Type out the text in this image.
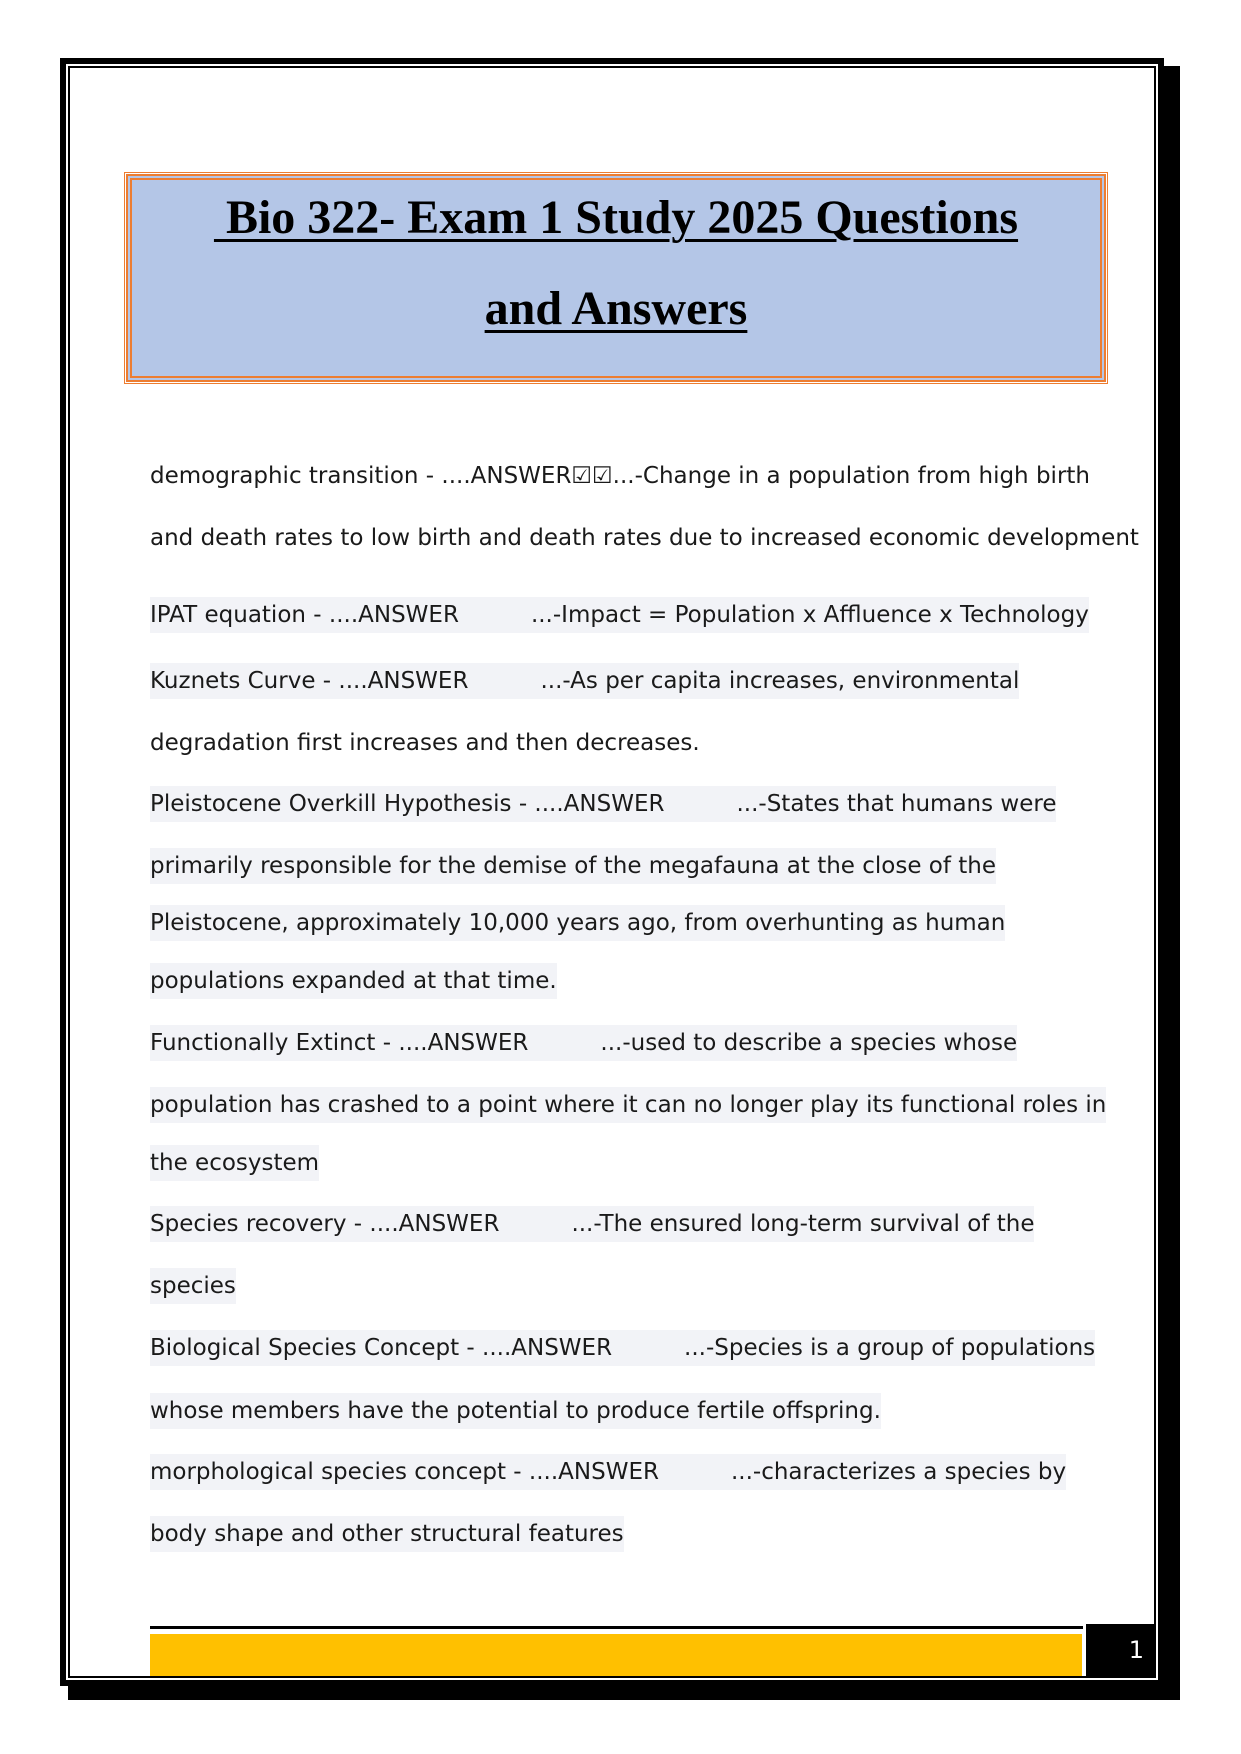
Bio 322- Exam 1 Study 2025 Questions
and Answers
demographic transition - ....ANSWER☑☑...-Change in a population from high birth
and death rates to low birth and death rates due to increased economic development
IPAT equation - ....ANSWER	...-Impact = Population x Affluence x Technology
Kuznets Curve - ....ANSWER	...-As per capita increases, environmental
degradation first increases and then decreases.
Pleistocene Overkill Hypothesis - ....ANSWER	...-States that humans were
primarily responsible for the demise of the megafauna at the close of the
Pleistocene, approximately 10,000 years ago, from overhunting as human
populations expanded at that time.
Functionally Extinct - ....ANSWER	...-used to describe a species whose
population has crashed to a point where it can no longer play its functional roles in
the ecosystem
Species recovery - ....ANSWER	...-The ensured long-term survival of the
species
Biological Species Concept - ....ANSWER	...-Species is a group of populations
whose members have the potential to produce fertile offspring.
morphological species concept - ....ANSWER	...-characterizes a species by
body shape and other structural features
1
